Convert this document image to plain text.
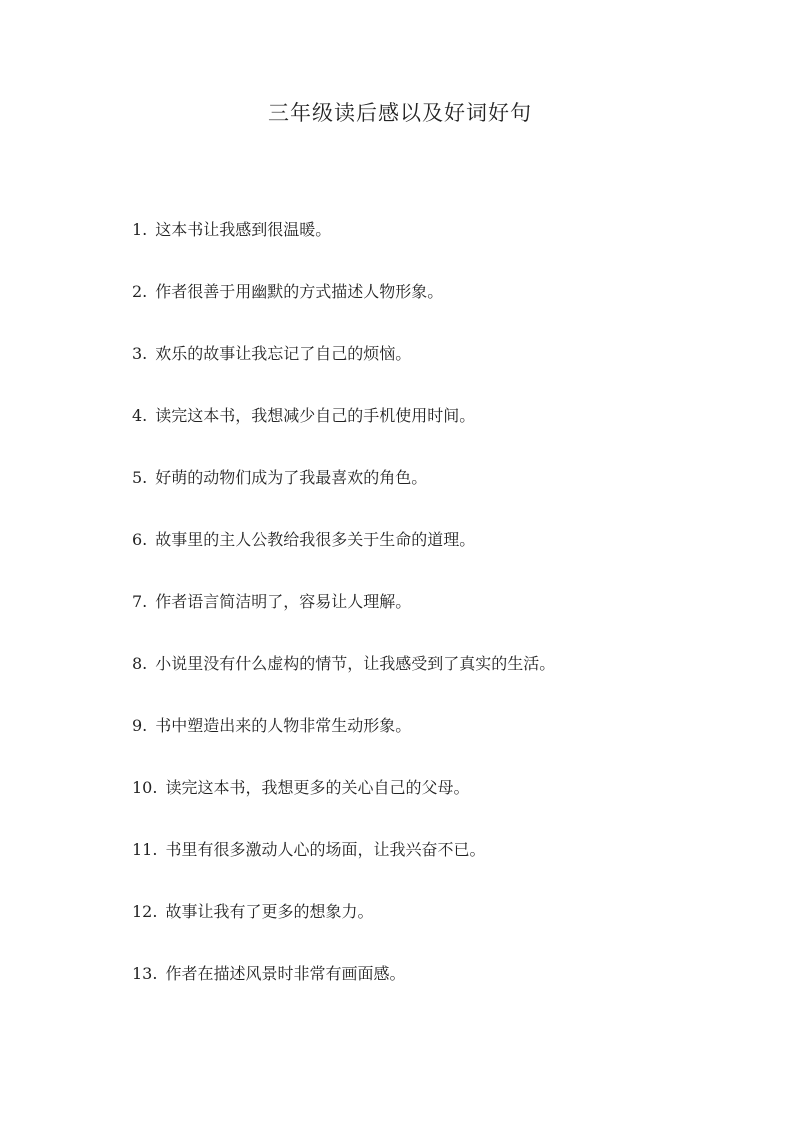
三年级读后感以及好词好句
1. 这本书让我感到很温暖。
2. 作者很善于用幽默的方式描述人物形象。
3. 欢乐的故事让我忘记了自己的烦恼。
4. 读完这本书，我想减少自己的手机使用时间。
5. 好萌的动物们成为了我最喜欢的角色。
6. 故事里的主人公教给我很多关于生命的道理。
7. 作者语言简洁明了，容易让人理解。
8. 小说里没有什么虚构的情节，让我感受到了真实的生活。
9. 书中塑造出来的人物非常生动形象。
10. 读完这本书，我想更多的关心自己的父母。
11. 书里有很多激动人心的场面，让我兴奋不已。
12. 故事让我有了更多的想象力。
13. 作者在描述风景时非常有画面感。
